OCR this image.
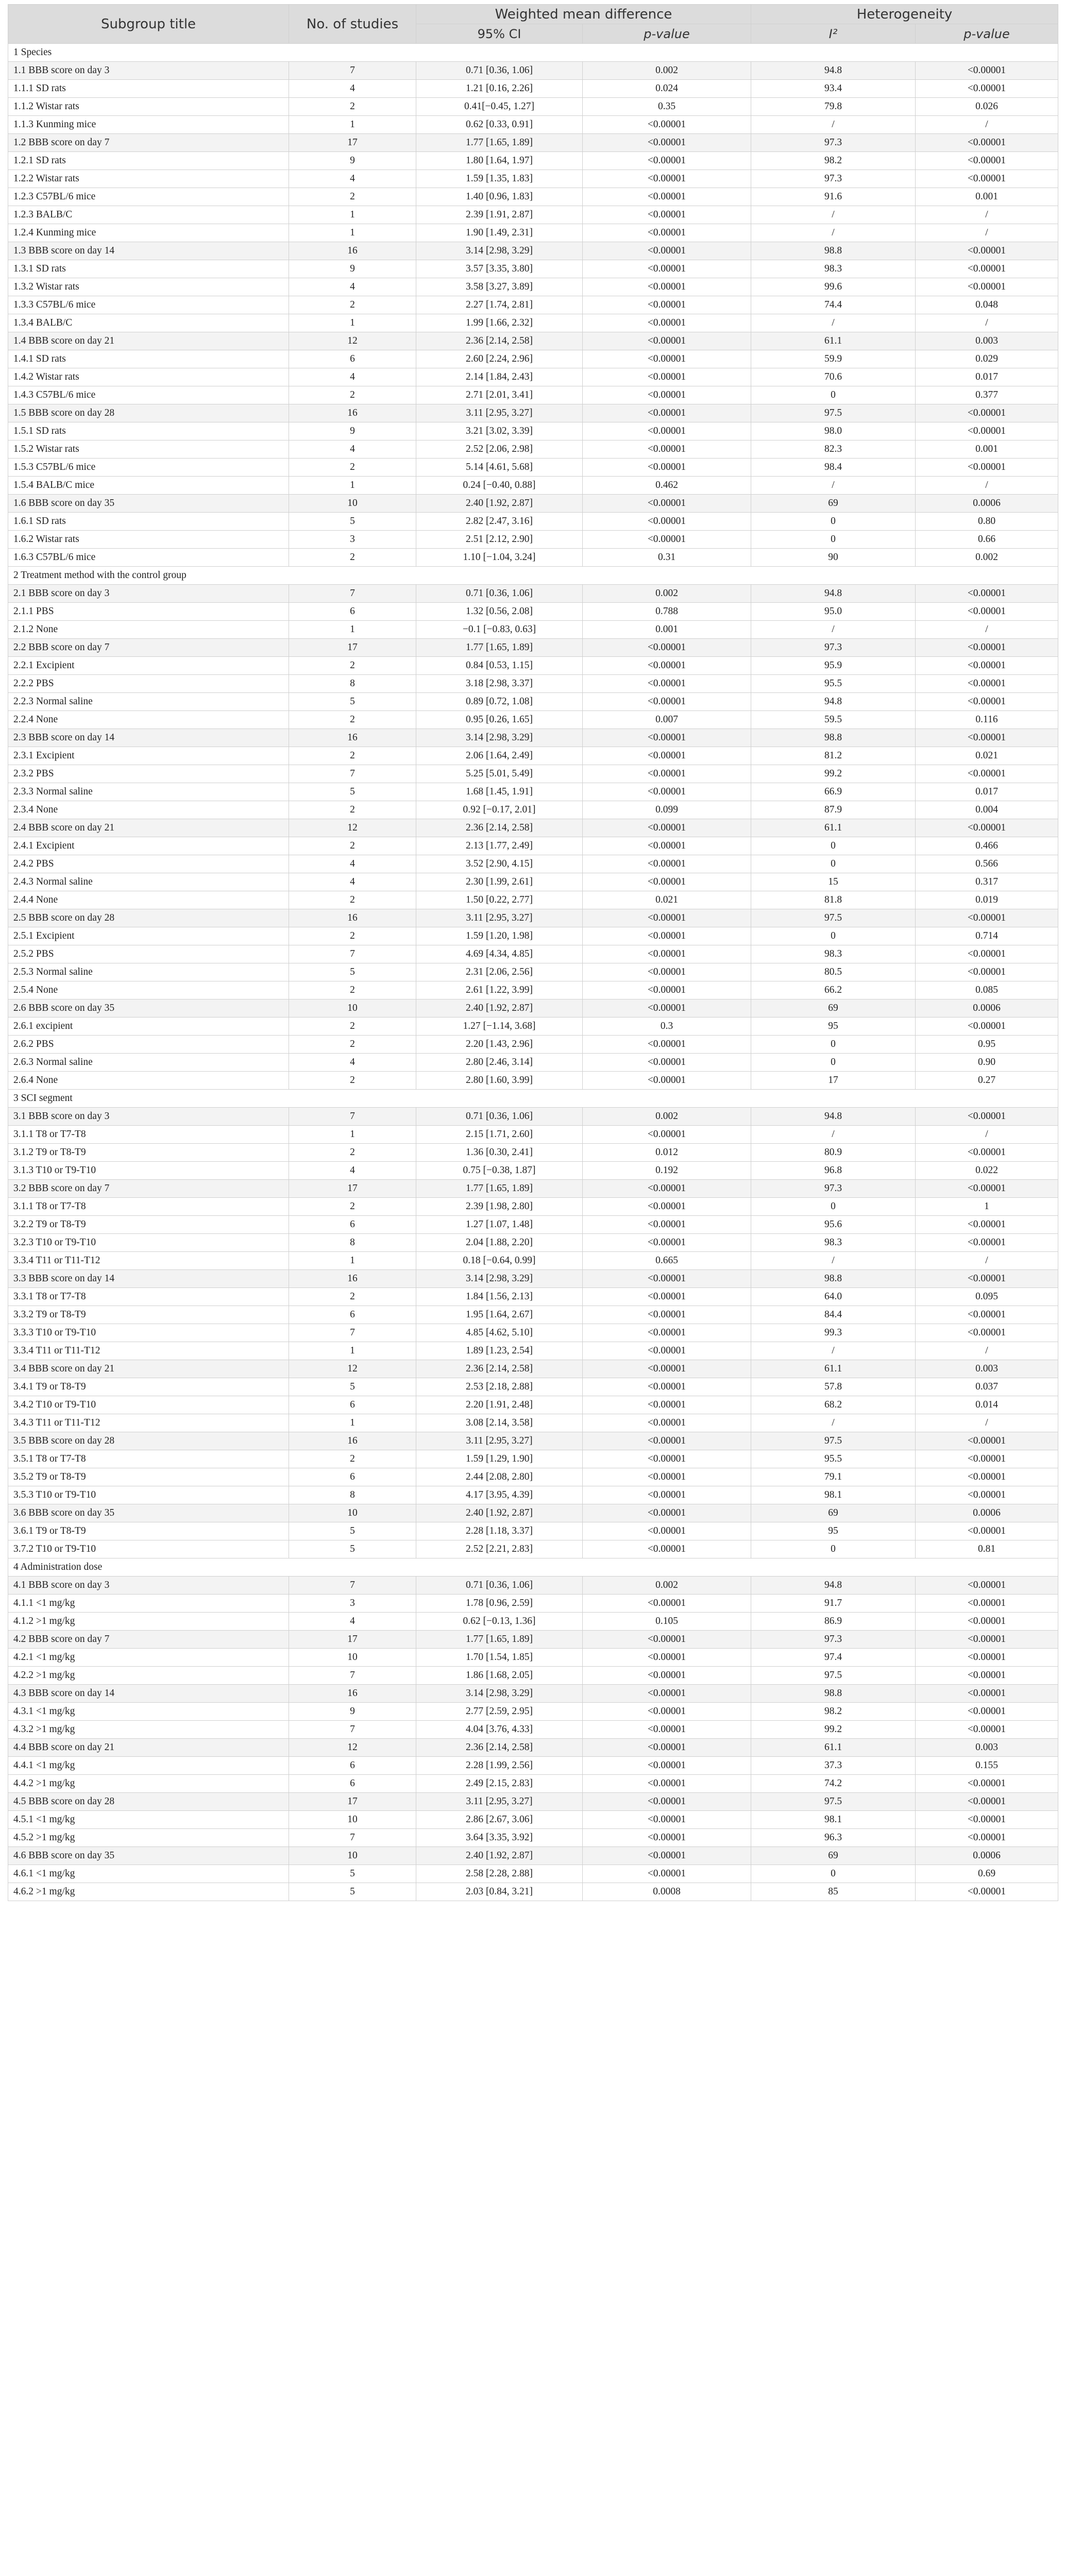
Subgroup title	No. of studies	Weighted mean difference		Heterogeneity	
		95% CI	p-value	I²	p-value
1 Species					
1.1 BBB score on day 3	7	0.71 [0.36, 1.06]	0.002	94.8	<0.00001
1.1.1 SD rats	4	1.21 [0.16, 2.26]	0.024	93.4	<0.00001
1.1.2 Wistar rats	2	0.41[−0.45, 1.27]	0.35	79.8	0.026
1.1.3 Kunming mice	1	0.62 [0.33, 0.91]	<0.00001	/	/
1.2 BBB score on day 7	17	1.77 [1.65, 1.89]	<0.00001	97.3	<0.00001
1.2.1 SD rats	9	1.80 [1.64, 1.97]	<0.00001	98.2	<0.00001
1.2.2 Wistar rats	4	1.59 [1.35, 1.83]	<0.00001	97.3	<0.00001
1.2.3 C57BL/6 mice	2	1.40 [0.96, 1.83]	<0.00001	91.6	0.001
1.2.3 BALB/C	1	2.39 [1.91, 2.87]	<0.00001	/	/
1.2.4 Kunming mice	1	1.90 [1.49, 2.31]	<0.00001	/	/
1.3 BBB score on day 14	16	3.14 [2.98, 3.29]	<0.00001	98.8	<0.00001
1.3.1 SD rats	9	3.57 [3.35, 3.80]	<0.00001	98.3	<0.00001
1.3.2 Wistar rats	4	3.58 [3.27, 3.89]	<0.00001	99.6	<0.00001
1.3.3 C57BL/6 mice	2	2.27 [1.74, 2.81]	<0.00001	74.4	0.048
1.3.4 BALB/C	1	1.99 [1.66, 2.32]	<0.00001	/	/
1.4 BBB score on day 21	12	2.36 [2.14, 2.58]	<0.00001	61.1	0.003
1.4.1 SD rats	6	2.60 [2.24, 2.96]	<0.00001	59.9	0.029
1.4.2 Wistar rats	4	2.14 [1.84, 2.43]	<0.00001	70.6	0.017
1.4.3 C57BL/6 mice	2	2.71 [2.01, 3.41]	<0.00001	0	0.377
1.5 BBB score on day 28	16	3.11 [2.95, 3.27]	<0.00001	97.5	<0.00001
1.5.1 SD rats	9	3.21 [3.02, 3.39]	<0.00001	98.0	<0.00001
1.5.2 Wistar rats	4	2.52 [2.06, 2.98]	<0.00001	82.3	0.001
1.5.3 C57BL/6 mice	2	5.14 [4.61, 5.68]	<0.00001	98.4	<0.00001
1.5.4 BALB/C mice	1	0.24 [−0.40, 0.88]	0.462	/	/
1.6 BBB score on day 35	10	2.40 [1.92, 2.87]	<0.00001	69	0.0006
1.6.1 SD rats	5	2.82 [2.47, 3.16]	<0.00001	0	0.80
1.6.2 Wistar rats	3	2.51 [2.12, 2.90]	<0.00001	0	0.66
1.6.3 C57BL/6 mice	2	1.10 [−1.04, 3.24]	0.31	90	0.002
2 Treatment method with the control group					
2.1 BBB score on day 3	7	0.71 [0.36, 1.06]	0.002	94.8	<0.00001
2.1.1 PBS	6	1.32 [0.56, 2.08]	0.788	95.0	<0.00001
2.1.2 None	1	−0.1 [−0.83, 0.63]	0.001	/	/
2.2 BBB score on day 7	17	1.77 [1.65, 1.89]	<0.00001	97.3	<0.00001
2.2.1 Excipient	2	0.84 [0.53, 1.15]	<0.00001	95.9	<0.00001
2.2.2 PBS	8	3.18 [2.98, 3.37]	<0.00001	95.5	<0.00001
2.2.3 Normal saline	5	0.89 [0.72, 1.08]	<0.00001	94.8	<0.00001
2.2.4 None	2	0.95 [0.26, 1.65]	0.007	59.5	0.116
2.3 BBB score on day 14	16	3.14 [2.98, 3.29]	<0.00001	98.8	<0.00001
2.3.1 Excipient	2	2.06 [1.64, 2.49]	<0.00001	81.2	0.021
2.3.2 PBS	7	5.25 [5.01, 5.49]	<0.00001	99.2	<0.00001
2.3.3 Normal saline	5	1.68 [1.45, 1.91]	<0.00001	66.9	0.017
2.3.4 None	2	0.92 [−0.17, 2.01]	0.099	87.9	0.004
2.4 BBB score on day 21	12	2.36 [2.14, 2.58]	<0.00001	61.1	<0.00001
2.4.1 Excipient	2	2.13 [1.77, 2.49]	<0.00001	0	0.466
2.4.2 PBS	4	3.52 [2.90, 4.15]	<0.00001	0	0.566
2.4.3 Normal saline	4	2.30 [1.99, 2.61]	<0.00001	15	0.317
2.4.4 None	2	1.50 [0.22, 2.77]	0.021	81.8	0.019
2.5 BBB score on day 28	16	3.11 [2.95, 3.27]	<0.00001	97.5	<0.00001
2.5.1 Excipient	2	1.59 [1.20, 1.98]	<0.00001	0	0.714
2.5.2 PBS	7	4.69 [4.34, 4.85]	<0.00001	98.3	<0.00001
2.5.3 Normal saline	5	2.31 [2.06, 2.56]	<0.00001	80.5	<0.00001
2.5.4 None	2	2.61 [1.22, 3.99]	<0.00001	66.2	0.085
2.6 BBB score on day 35	10	2.40 [1.92, 2.87]	<0.00001	69	0.0006
2.6.1 excipient	2	1.27 [−1.14, 3.68]	0.3	95	<0.00001
2.6.2 PBS	2	2.20 [1.43, 2.96]	<0.00001	0	0.95
2.6.3 Normal saline	4	2.80 [2.46, 3.14]	<0.00001	0	0.90
2.6.4 None	2	2.80 [1.60, 3.99]	<0.00001	17	0.27
3 SCI segment					
3.1 BBB score on day 3	7	0.71 [0.36, 1.06]	0.002	94.8	<0.00001
3.1.1 T8 or T7-T8	1	2.15 [1.71, 2.60]	<0.00001	/	/
3.1.2 T9 or T8-T9	2	1.36 [0.30, 2.41]	0.012	80.9	<0.00001
3.1.3 T10 or T9-T10	4	0.75 [−0.38, 1.87]	0.192	96.8	0.022
3.2 BBB score on day 7	17	1.77 [1.65, 1.89]	<0.00001	97.3	<0.00001
3.1.1 T8 or T7-T8	2	2.39 [1.98, 2.80]	<0.00001	0	1
3.2.2 T9 or T8-T9	6	1.27 [1.07, 1.48]	<0.00001	95.6	<0.00001
3.2.3 T10 or T9-T10	8	2.04 [1.88, 2.20]	<0.00001	98.3	<0.00001
3.3.4 T11 or T11-T12	1	0.18 [−0.64, 0.99]	0.665	/	/
3.3 BBB score on day 14	16	3.14 [2.98, 3.29]	<0.00001	98.8	<0.00001
3.3.1 T8 or T7-T8	2	1.84 [1.56, 2.13]	<0.00001	64.0	0.095
3.3.2 T9 or T8-T9	6	1.95 [1.64, 2.67]	<0.00001	84.4	<0.00001
3.3.3 T10 or T9-T10	7	4.85 [4.62, 5.10]	<0.00001	99.3	<0.00001
3.3.4 T11 or T11-T12	1	1.89 [1.23, 2.54]	<0.00001	/	/
3.4 BBB score on day 21	12	2.36 [2.14, 2.58]	<0.00001	61.1	0.003
3.4.1 T9 or T8-T9	5	2.53 [2.18, 2.88]	<0.00001	57.8	0.037
3.4.2 T10 or T9-T10	6	2.20 [1.91, 2.48]	<0.00001	68.2	0.014
3.4.3 T11 or T11-T12	1	3.08 [2.14, 3.58]	<0.00001	/	/
3.5 BBB score on day 28	16	3.11 [2.95, 3.27]	<0.00001	97.5	<0.00001
3.5.1 T8 or T7-T8	2	1.59 [1.29, 1.90]	<0.00001	95.5	<0.00001
3.5.2 T9 or T8-T9	6	2.44 [2.08, 2.80]	<0.00001	79.1	<0.00001
3.5.3 T10 or T9-T10	8	4.17 [3.95, 4.39]	<0.00001	98.1	<0.00001
3.6 BBB score on day 35	10	2.40 [1.92, 2.87]	<0.00001	69	0.0006
3.6.1 T9 or T8-T9	5	2.28 [1.18, 3.37]	<0.00001	95	<0.00001
3.7.2 T10 or T9-T10	5	2.52 [2.21, 2.83]	<0.00001	0	0.81
4 Administration dose					
4.1 BBB score on day 3	7	0.71 [0.36, 1.06]	0.002	94.8	<0.00001
4.1.1 <1 mg/kg	3	1.78 [0.96, 2.59]	<0.00001	91.7	<0.00001
4.1.2 >1 mg/kg	4	0.62 [−0.13, 1.36]	0.105	86.9	<0.00001
4.2 BBB score on day 7	17	1.77 [1.65, 1.89]	<0.00001	97.3	<0.00001
4.2.1 <1 mg/kg	10	1.70 [1.54, 1.85]	<0.00001	97.4	<0.00001
4.2.2 >1 mg/kg	7	1.86 [1.68, 2.05]	<0.00001	97.5	<0.00001
4.3 BBB score on day 14	16	3.14 [2.98, 3.29]	<0.00001	98.8	<0.00001
4.3.1 <1 mg/kg	9	2.77 [2.59, 2.95]	<0.00001	98.2	<0.00001
4.3.2 >1 mg/kg	7	4.04 [3.76, 4.33]	<0.00001	99.2	<0.00001
4.4 BBB score on day 21	12	2.36 [2.14, 2.58]	<0.00001	61.1	0.003
4.4.1 <1 mg/kg	6	2.28 [1.99, 2.56]	<0.00001	37.3	0.155
4.4.2 >1 mg/kg	6	2.49 [2.15, 2.83]	<0.00001	74.2	<0.00001
4.5 BBB score on day 28	17	3.11 [2.95, 3.27]	<0.00001	97.5	<0.00001
4.5.1 <1 mg/kg	10	2.86 [2.67, 3.06]	<0.00001	98.1	<0.00001
4.5.2 >1 mg/kg	7	3.64 [3.35, 3.92]	<0.00001	96.3	<0.00001
4.6 BBB score on day 35	10	2.40 [1.92, 2.87]	<0.00001	69	0.0006
4.6.1 <1 mg/kg	5	2.58 [2.28, 2.88]	<0.00001	0	0.69
4.6.2 >1 mg/kg	5	2.03 [0.84, 3.21]	0.0008	85	<0.00001
